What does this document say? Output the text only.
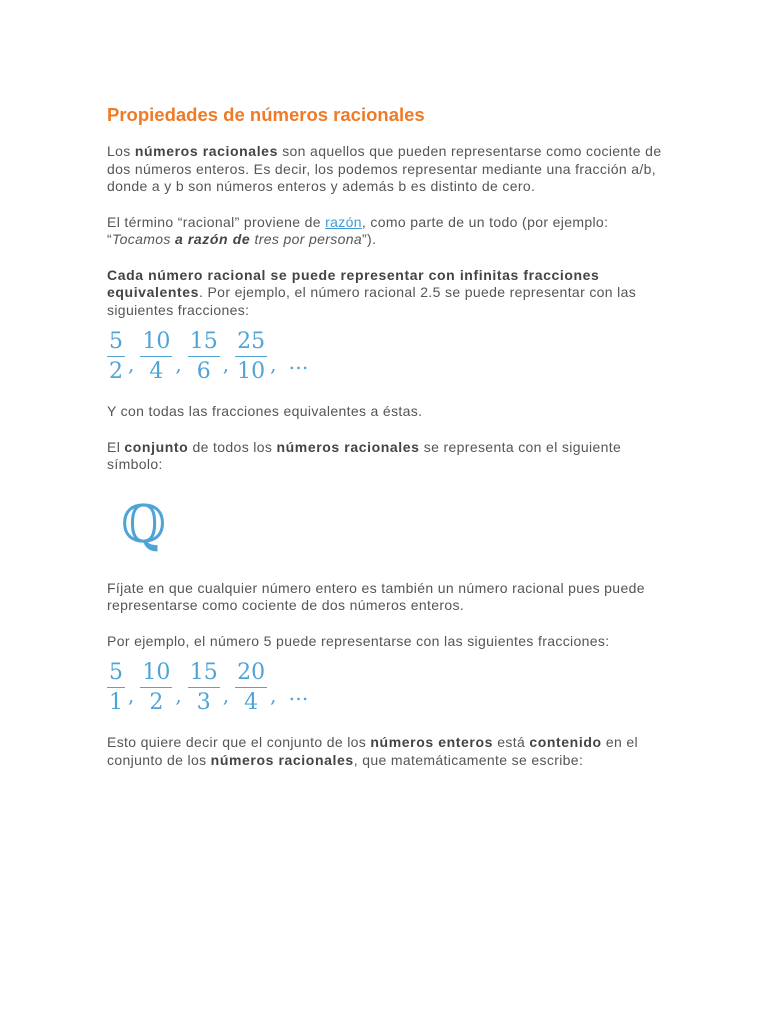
Propiedades de números racionales

Los números racionales son aquellos que pueden representarse como cociente de dos números enteros. Es decir, los podemos representar mediante una fracción a/b, donde a y b son números enteros y además b es distinto de cero.

El término “racional” proviene de razón, como parte de un todo (por ejemplo: “Tocamos a razón de tres por persona”).

Cada número racional se puede representar con infinitas fracciones equivalentes. Por ejemplo, el número racional 2.5 se puede representar con las siguientes fracciones:

$\frac{5}{2}$ , $\frac{10}{4}$ , $\frac{15}{6}$ , $\frac{25}{10}$ , …

Y con todas las fracciones equivalentes a éstas.

El conjunto de todos los números racionales se representa con el siguiente símbolo:

ℚ

Fíjate en que cualquier número entero es también un número racional pues puede representarse como cociente de dos números enteros.

Por ejemplo, el número 5 puede representarse con las siguientes fracciones:

$\frac{5}{1}$ , $\frac{10}{2}$ , $\frac{15}{3}$ , $\frac{20}{4}$ , …

Esto quiere decir que el conjunto de los números enteros está contenido en el conjunto de los números racionales, que matemáticamente se escribe:
